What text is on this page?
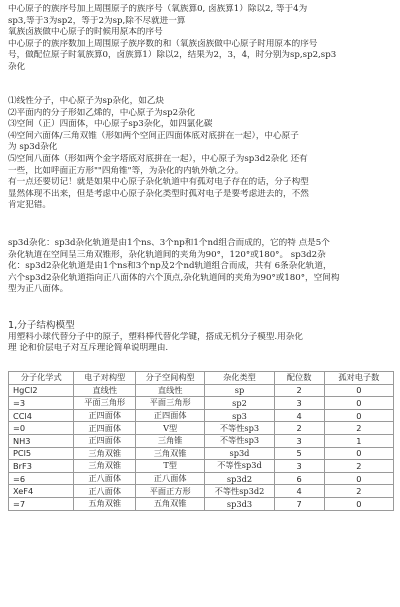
中心原子的族序号加上周围原子的族序号（氧族算0, 卤族算1）除以2, 等于4为
sp3,等于3为sp2，等于2为sp,除不尽就进一算
氧族卤族做中心原子的时候用原本的序号
中心原子的族序数加上周围原子族序数的和（氧族卤族做中心原子时用原本的序号
号，做配位原子时氧族算0，卤族算1）除以2，结果为2，3，4，时分别为sp,sp2,sp3
杂化
⑴线性分子，中心原子为sp杂化，如乙炔
⑵平面内的分子形如乙烯的，中心原子为sp2杂化
⑶空间（正）四面体，中心原子sp3杂化，如四氯化碳
⑷空间六面体/三角双锥（形如两个空间正四面体底对底拼在一起），中心原子
为 sp3d杂化
⑸空间八面体（形如两个金字塔底对底拼在一起），中心原子为sp3d2杂化 还有
一些，比如呼面正方形""四角锥"等，为杂化的内轨外轨之分。
有一点还要切记！就是如果中心原子杂化轨道中有孤对电子存在的话，分子构型
显然体现不出来，但是考虑中心原子杂化类型时孤对电子是要考虑进去的，不然
肯定犯错。
sp3d杂化：sp3d杂化轨道是由1个ns、3个np和1个nd组合而成的，它的特 点是5个
杂化轨道在空间呈三角双锥形，杂化轨道间的夹角为90°，120°或180°。 sp3d2杂
化：sp3d2杂化轨道是由1个ns和3个np及2个nd轨道组合而成，共有 6条杂化轨道，
六个sp3d2杂化轨道指向正八面体的六个顶点,杂化轨道间的夹角为90°或180°，空间构
型为正八面体。
1,分子结构模型
用塑料小球代替分子中的原子，塑料棒代替化学键，搭成无机分子模型.用杂化
理 论和价层电子对互斥理论简单说明理由.
分子化学式	电子对构型	分子空间构型	杂化类型	配位数	孤对电子数
HgCl2	直线性	直线性	sp	2	0
=3	平面三角形	平面三角形	sp2	3	0
CCl4	正四面体	正四面体	sp3	4	0
=0	正四面体	V型	不等性sp3	2	2
NH3	正四面体	三角锥	不等性sp3	3	1
PCl5	三角双锥	三角双锥	sp3d	5	0
BrF3	三角双锥	T型	不等性sp3d	3	2
=6	正八面体	正八面体	sp3d2	6	0
XeF4	正八面体	平面正方形	不等性sp3d2	4	2
=7	五角双锥	五角双锥	sp3d3	7	0
